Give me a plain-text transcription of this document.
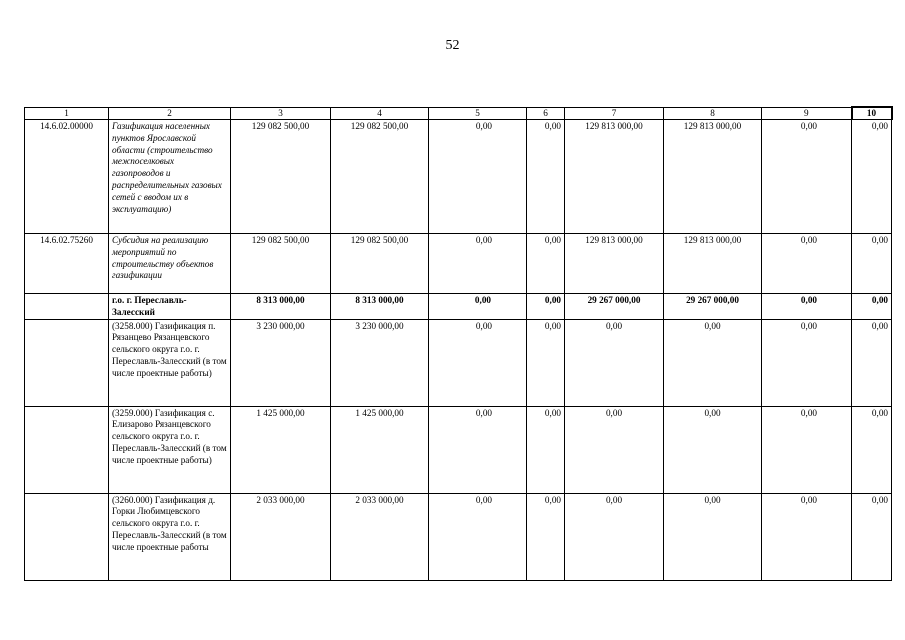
52
1	2	3	4	5	6	7	8	9	10
14.6.02.00000	Газификация населенных пунктов Ярославской области (строительство межпоселковых газопроводов и распределительных газовых сетей с вводом их в эксплуатацию)	129 082 500,00	129 082 500,00	0,00	0,00	129 813 000,00	129 813 000,00	0,00	0,00
14.6.02.75260	Субсидия на реализацию мероприятий по строительству объектов газификации	129 082 500,00	129 082 500,00	0,00	0,00	129 813 000,00	129 813 000,00	0,00	0,00
	г.о. г. Переславль-Залесский	8 313 000,00	8 313 000,00	0,00	0,00	29 267 000,00	29 267 000,00	0,00	0,00
	(3258.000) Газификация п. Рязанцево Рязанцевского сельского округа г.о. г. Переславль-Залесский (в том числе проектные работы)	3 230 000,00	3 230 000,00	0,00	0,00	0,00	0,00	0,00	0,00
	(3259.000) Газификация с. Елизарово Рязанцевского сельского округа г.о. г. Переславль-Залесский (в том числе проектные работы)	1 425 000,00	1 425 000,00	0,00	0,00	0,00	0,00	0,00	0,00
	(3260.000) Газификация д. Горки Любимцевского сельского округа г.о. г. Переславль-Залесский (в том числе проектные работы	2 033 000,00	2 033 000,00	0,00	0,00	0,00	0,00	0,00	0,00
